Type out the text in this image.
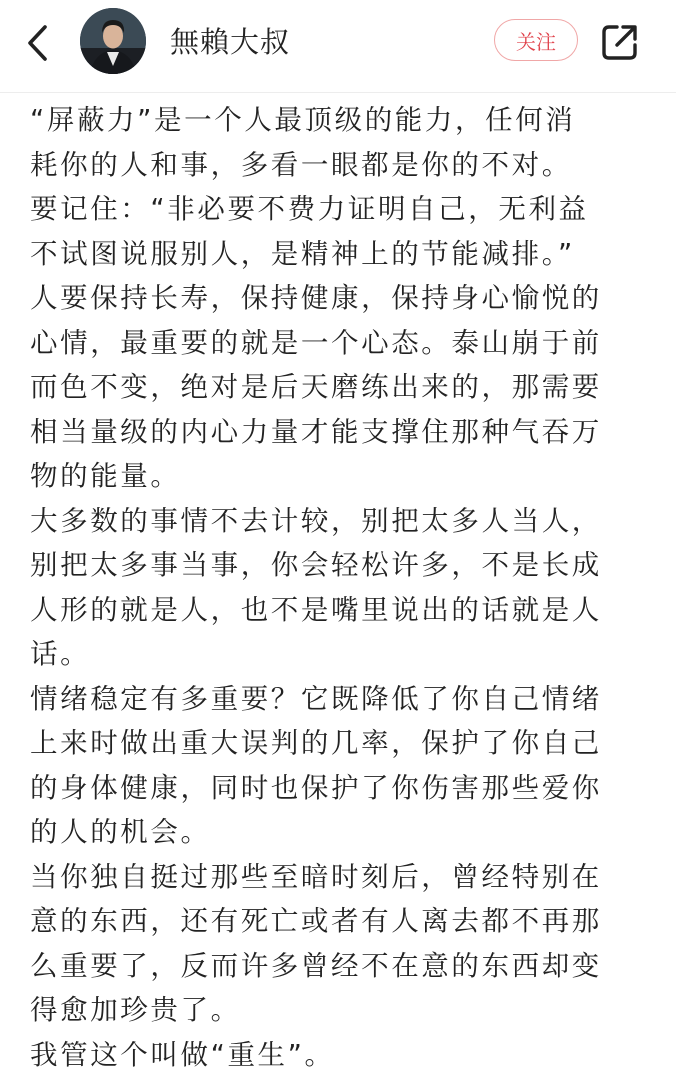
無賴大叔	关注

“屏蔽力”是一个人最顶级的能力，任何消

耗你的人和事，多看一眼都是你的不对。

要记住：“非必要不费力证明自己，无利益

不试图说服别人，是精神上的节能减排。”

人要保持长寿，保持健康，保持身心愉悦的

心情，最重要的就是一个心态。泰山崩于前

而色不变，绝对是后天磨练出来的，那需要

相当量级的内心力量才能支撑住那种气吞万

物的能量。

大多数的事情不去计较，别把太多人当人，

别把太多事当事，你会轻松许多，不是长成

人形的就是人，也不是嘴里说出的话就是人

话。

情绪稳定有多重要？它既降低了你自己情绪

上来时做出重大误判的几率，保护了你自己

的身体健康，同时也保护了你伤害那些爱你

的人的机会。

当你独自挺过那些至暗时刻后，曾经特别在

意的东西，还有死亡或者有人离去都不再那

么重要了，反而许多曾经不在意的东西却变

得愈加珍贵了。

我管这个叫做“重生”。
